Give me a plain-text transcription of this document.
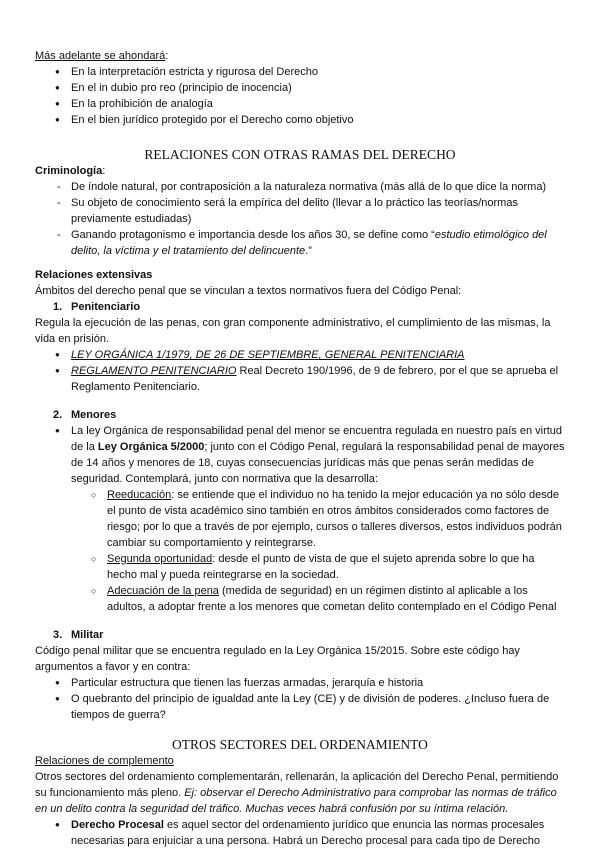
Más adelante se ahondará:
● En la interpretación estricta y rigurosa del Derecho
● En el in dubio pro reo (principio de inocencia)
● En la prohibición de analogía
● En el bien jurídico protegido por el Derecho como objetivo
RELACIONES CON OTRAS RAMAS DEL DERECHO
Criminología:
- De índole natural, por contraposición a la naturaleza normativa (más allá de lo que dice la norma)
- Su objeto de conocimiento será la empírica del delito (llevar a lo práctico las teorías/normas previamente estudiadas)
- Ganando protagonismo e importancia desde los años 30, se define como “estudio etimológico del delito, la víctima y el tratamiento del delincuente.”
Relaciones extensivas
Ámbitos del derecho penal que se vinculan a textos normativos fuera del Código Penal:
1. Penitenciario
Regula la ejecución de las penas, con gran componente administrativo, el cumplimiento de las mismas, la vida en prisión.
● LEY ORGÁNICA 1/1979, DE 26 DE SEPTIEMBRE, GENERAL PENITENCIARIA
● REGLAMENTO PENITENCIARIO Real Decreto 190/1996, de 9 de febrero, por el que se aprueba el Reglamento Penitenciario.
2. Menores
● La ley Orgánica de responsabilidad penal del menor se encuentra regulada en nuestro país en virtud de la Ley Orgánica 5/2000; junto con el Código Penal, regulará la responsabilidad penal de mayores de 14 años y menores de 18, cuyas consecuencias jurídicas más que penas serán medidas de seguridad. Contemplará, junto con normativa que la desarrolla:
○ Reeducación: se entiende que el individuo no ha tenido la mejor educación ya no sólo desde el punto de vista académico sino también en otros ámbitos considerados como factores de riesgo; por lo que a través de por ejemplo, cursos o talleres diversos, estos individuos podrán cambiar su comportamiento y reintegrarse.
○ Segunda oportunidad: desde el punto de vista de que el sujeto aprenda sobre lo que ha hecho mal y pueda reintegrarse en la sociedad.
○ Adecuación de la pena (medida de seguridad) en un régimen distinto al aplicable a los adultos, a adoptar frente a los menores que cometan delito contemplado en el Código Penal
3. Militar
Código penal militar que se encuentra regulado en la Ley Orgánica 15/2015. Sobre este código hay argumentos a favor y en contra:
● Particular estructura que tienen las fuerzas armadas, jerarquía e historia
● O quebranto del principio de igualdad ante la Ley (CE) y de división de poderes. ¿Incluso fuera de tiempos de guerra?
OTROS SECTORES DEL ORDENAMIENTO
Relaciones de complemento
Otros sectores del ordenamiento complementarán, rellenarán, la aplicación del Derecho Penal, permitiendo su funcionamiento más pleno. Ej: observar el Derecho Administrativo para comprobar las normas de tráfico en un delito contra la seguridad del tráfico. Muchas veces habrá confusión por su íntima relación.
● Derecho Procesal es aquel sector del ordenamiento jurídico que enuncia las normas procesales necesarias para enjuiciar a una persona. Habrá un Derecho procesal para cada tipo de Derecho
